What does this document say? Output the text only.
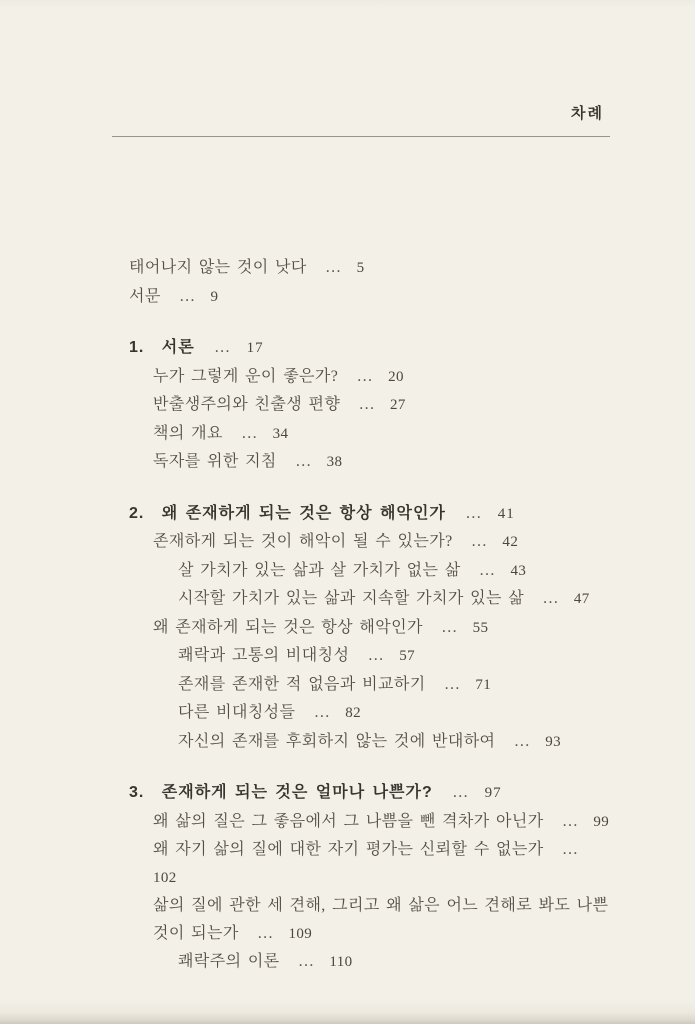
차례
태어나지 않는 것이 낫다 … 5
서문 … 9
1. 서론 … 17
누가 그렇게 운이 좋은가? … 20
반출생주의와 친출생 편향 … 27
책의 개요 … 34
독자를 위한 지침 … 38
2. 왜 존재하게 되는 것은 항상 해악인가 … 41
존재하게 되는 것이 해악이 될 수 있는가? … 42
살 가치가 있는 삶과 살 가치가 없는 삶 … 43
시작할 가치가 있는 삶과 지속할 가치가 있는 삶 … 47
왜 존재하게 되는 것은 항상 해악인가 … 55
쾌락과 고통의 비대칭성 … 57
존재를 존재한 적 없음과 비교하기 … 71
다른 비대칭성들 … 82
자신의 존재를 후회하지 않는 것에 반대하여 … 93
3. 존재하게 되는 것은 얼마나 나쁜가? … 97
왜 삶의 질은 그 좋음에서 그 나쁨을 뺀 격차가 아닌가 … 99
왜 자기 삶의 질에 대한 자기 평가는 신뢰할 수 없는가 … 102
삶의 질에 관한 세 견해, 그리고 왜 삶은 어느 견해로 봐도 나쁜 것이 되는가 … 109
쾌락주의 이론 … 110
